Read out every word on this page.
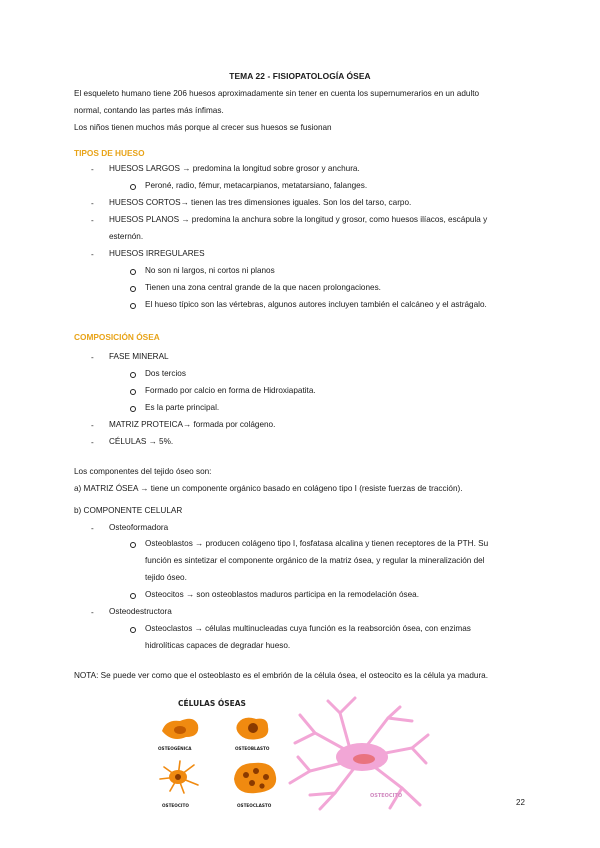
TEMA 22 - FISIOPATOLOGÍA ÓSEA
El esqueleto humano tiene 206 huesos aproximadamente sin tener en cuenta los supernumerarios en un adulto
normal, contando las partes más ínfimas.
Los niños tienen muchos más porque al crecer sus huesos se fusionan
TIPOS DE HUESO
- HUESOS LARGOS → predomina la longitud sobre grosor y anchura.
Peroné, radio, fémur, metacarpianos, metatarsiano, falanges.
- HUESOS CORTOS→ tienen las tres dimensiones iguales. Son los del tarso, carpo.
- HUESOS PLANOS → predomina la anchura sobre la longitud y grosor, como huesos ilíacos, escápula y
esternón.
- HUESOS IRREGULARES
No son ni largos, ni cortos ni planos
Tienen una zona central grande de la que nacen prolongaciones.
El hueso típico son las vértebras, algunos autores incluyen también el calcáneo y el astrágalo.
COMPOSICIÓN ÓSEA
- FASE MINERAL
Dos tercios
Formado por calcio en forma de Hidroxiapatita.
Es la parte principal.
- MATRIZ PROTEICA→ formada por colágeno.
- CÉLULAS → 5%.
Los componentes del tejido óseo son:
a) MATRIZ ÓSEA → tiene un componente orgánico basado en colágeno tipo I (resiste fuerzas de tracción).
b) COMPONENTE CELULAR
- Osteoformadora
Osteoblastos → producen colágeno tipo I, fosfatasa alcalina y tienen receptores de la PTH. Su
función es sintetizar el componente orgánico de la matriz ósea, y regular la mineralización del
tejido óseo.
Osteocitos → son osteoblastos maduros participa en la remodelación ósea.
- Osteodestructora
Osteoclastos → células multinucleadas cuya función es la reabsorción ósea, con enzimas
hidrolíticas capaces de degradar hueso.
NOTA: Se puede ver como que el osteoblasto es el embrión de la célula ósea, el osteocito es la célula ya madura.
OSTEOCITO
CÉLULAS ÓSEAS
OSTEOGÉNICA	OSTEOBLASTO
OSTEOCITO	OSTEOCLASTO	22
